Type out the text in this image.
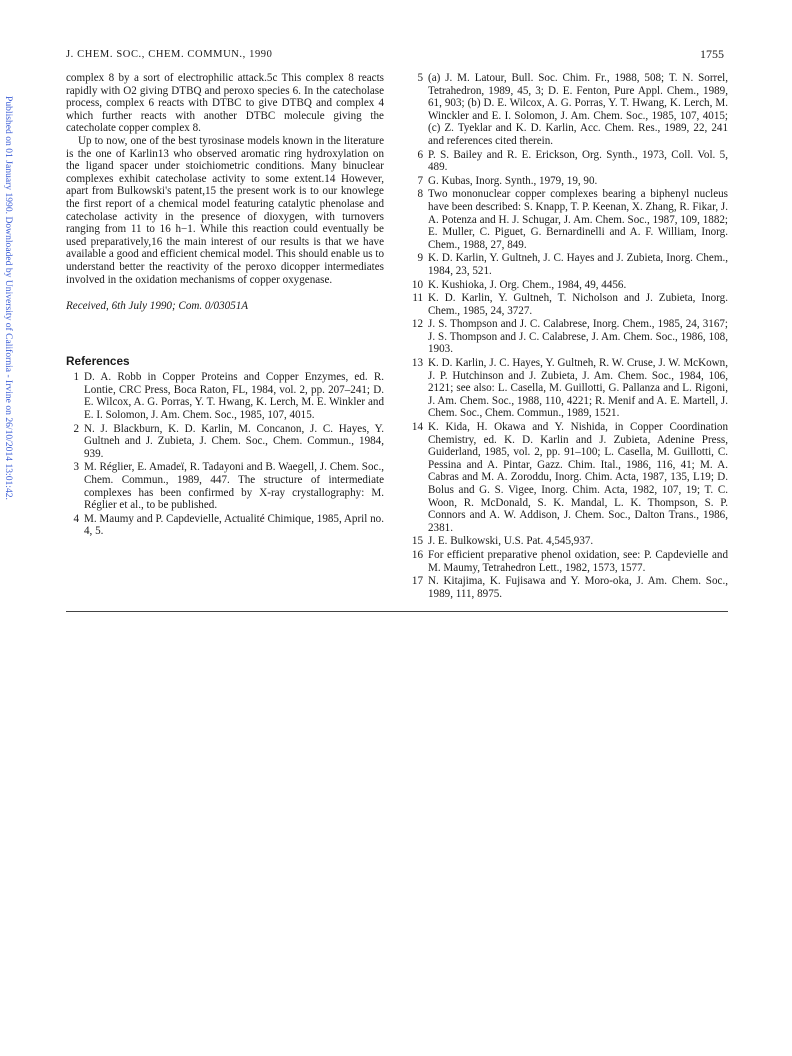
Published on 01 January 1990. Downloaded by University of California - Irvine on 26/10/2014 13:01:42.
J. CHEM. SOC., CHEM. COMMUN., 1990	1755

complex 8 by a sort of electrophilic attack.5c This complex 8 reacts rapidly with O2 giving DTBQ and peroxo species 6. In the catecholase process, complex 6 reacts with DTBC to give DTBQ and complex 4 which further reacts with another DTBC molecule giving the catecholate copper complex 8.

Up to now, one of the best tyrosinase models known in the literature is the one of Karlin13 who observed aromatic ring hydroxylation on the ligand spacer under stoichiometric conditions. Many binuclear complexes exhibit catecholase activity to some extent.14 However, apart from Bulkowski's patent,15 the present work is to our knowlege the first report of a chemical model featuring catalytic phenolase and catecholase activity in the presence of dioxygen, with turnovers ranging from 11 to 16 h−1. While this reaction could eventually be used preparatively,16 the main interest of our results is that we have available a good and efficient chemical model. This should enable us to understand better the reactivity of the peroxo dicopper intermediates involved in the oxidation mechanisms of copper oxygenase.

Received, 6th July 1990; Com. 0/03051A

References
1 D. A. Robb in Copper Proteins and Copper Enzymes, ed. R. Lontie, CRC Press, Boca Raton, FL, 1984, vol. 2, pp. 207–241; D. E. Wilcox, A. G. Porras, Y. T. Hwang, K. Lerch, M. E. Winkler and E. I. Solomon, J. Am. Chem. Soc., 1985, 107, 4015.
2 N. J. Blackburn, K. D. Karlin, M. Concanon, J. C. Hayes, Y. Gultneh and J. Zubieta, J. Chem. Soc., Chem. Commun., 1984, 939.
3 M. Réglier, E. Amadeï, R. Tadayoni and B. Waegell, J. Chem. Soc., Chem. Commun., 1989, 447. The structure of intermediate complexes has been confirmed by X-ray crystallography: M. Réglier et al., to be published.
4 M. Maumy and P. Capdevielle, Actualité Chimique, 1985, April no. 4, 5.
5 (a) J. M. Latour, Bull. Soc. Chim. Fr., 1988, 508; T. N. Sorrel, Tetrahedron, 1989, 45, 3; D. E. Fenton, Pure Appl. Chem., 1989, 61, 903; (b) D. E. Wilcox, A. G. Porras, Y. T. Hwang, K. Lerch, M. Winckler and E. I. Solomon, J. Am. Chem. Soc., 1985, 107, 4015; (c) Z. Tyeklar and K. D. Karlin, Acc. Chem. Res., 1989, 22, 241 and references cited therein.
6 P. S. Bailey and R. E. Erickson, Org. Synth., 1973, Coll. Vol. 5, 489.
7 G. Kubas, Inorg. Synth., 1979, 19, 90.
8 Two mononuclear copper complexes bearing a biphenyl nucleus have been described: S. Knapp, T. P. Keenan, X. Zhang, R. Fikar, J. A. Potenza and H. J. Schugar, J. Am. Chem. Soc., 1987, 109, 1882; E. Muller, C. Piguet, G. Bernardinelli and A. F. William, Inorg. Chem., 1988, 27, 849.
9 K. D. Karlin, Y. Gultneh, J. C. Hayes and J. Zubieta, Inorg. Chem., 1984, 23, 521.
10 K. Kushioka, J. Org. Chem., 1984, 49, 4456.
11 K. D. Karlin, Y. Gultneh, T. Nicholson and J. Zubieta, Inorg. Chem., 1985, 24, 3727.
12 J. S. Thompson and J. C. Calabrese, Inorg. Chem., 1985, 24, 3167; J. S. Thompson and J. C. Calabrese, J. Am. Chem. Soc., 1986, 108, 1903.
13 K. D. Karlin, J. C. Hayes, Y. Gultneh, R. W. Cruse, J. W. McKown, J. P. Hutchinson and J. Zubieta, J. Am. Chem. Soc., 1984, 106, 2121; see also: L. Casella, M. Guillotti, G. Pallanza and L. Rigoni, J. Am. Chem. Soc., 1988, 110, 4221; R. Menif and A. E. Martell, J. Chem. Soc., Chem. Commun., 1989, 1521.
14 K. Kida, H. Okawa and Y. Nishida, in Copper Coordination Chemistry, ed. K. D. Karlin and J. Zubieta, Adenine Press, Guiderland, 1985, vol. 2, pp. 91–100; L. Casella, M. Guillotti, C. Pessina and A. Pintar, Gazz. Chim. Ital., 1986, 116, 41; M. A. Cabras and M. A. Zoroddu, Inorg. Chim. Acta, 1987, 135, L19; D. Bolus and G. S. Vigee, Inorg. Chim. Acta, 1982, 107, 19; T. C. Woon, R. McDonald, S. K. Mandal, L. K. Thompson, S. P. Connors and A. W. Addison, J. Chem. Soc., Dalton Trans., 1986, 2381.
15 J. E. Bulkowski, U.S. Pat. 4,545,937.
16 For efficient preparative phenol oxidation, see: P. Capdevielle and M. Maumy, Tetrahedron Lett., 1982, 1573, 1577.
17 N. Kitajima, K. Fujisawa and Y. Moro-oka, J. Am. Chem. Soc., 1989, 111, 8975.
